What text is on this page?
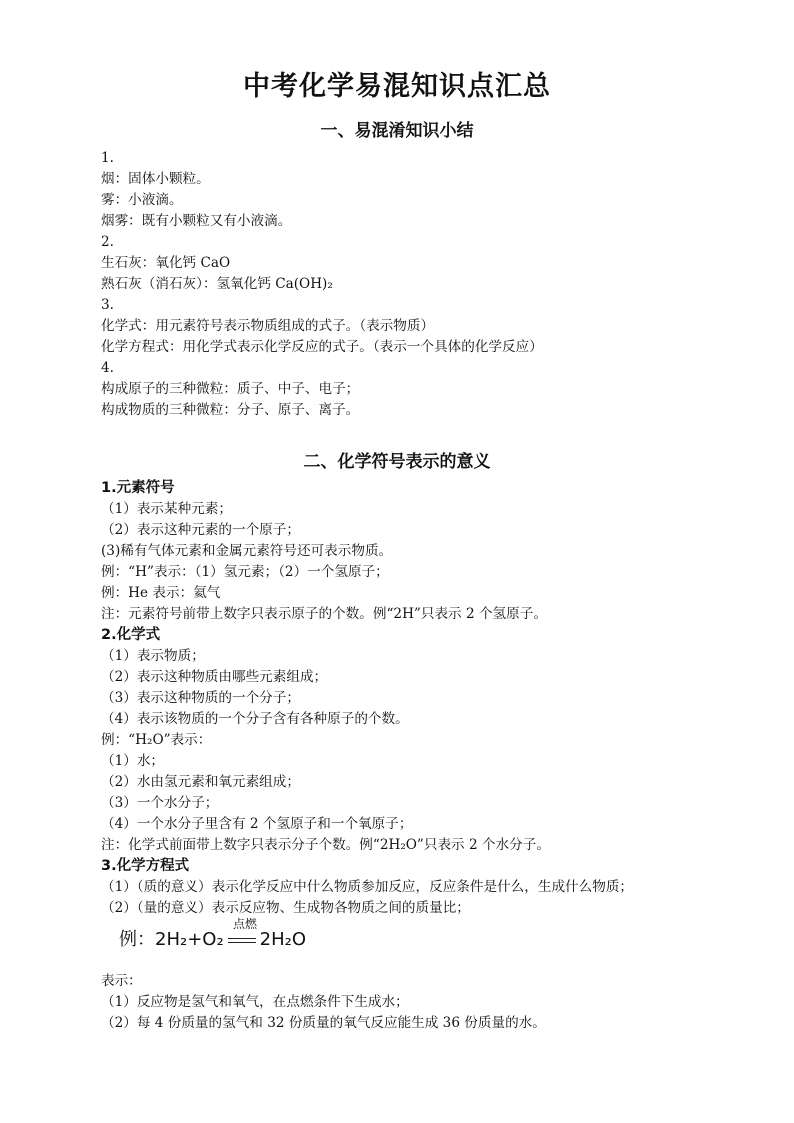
中考化学易混知识点汇总
一、易混淆知识小结
1.
烟：固体小颗粒。
雾：小液滴。
烟雾：既有小颗粒又有小液滴。
2.
生石灰：氧化钙 CaO
熟石灰（消石灰）：氢氧化钙 Ca(OH)₂
3.
化学式：用元素符号表示物质组成的式子。（表示物质）
化学方程式：用化学式表示化学反应的式子。（表示一个具体的化学反应）
4.
构成原子的三种微粒：质子、中子、电子；
构成物质的三种微粒：分子、原子、离子。
二、化学符号表示的意义
1.元素符号
（1）表示某种元素；
（2）表示这种元素的一个原子；
(3)稀有气体元素和金属元素符号还可表示物质。
例：“H”表示：（1）氢元素；（2）一个氢原子；
例：He 表示：氦气
注：元素符号前带上数字只表示原子的个数。例“2H”只表示 2 个氢原子。
2.化学式
（1）表示物质；
（2）表示这种物质由哪些元素组成；
（3）表示这种物质的一个分子；
（4）表示该物质的一个分子含有各种原子的个数。
例：“H₂O”表示：
（1）水；
（2）水由氢元素和氧元素组成；
（3）一个水分子；
（4）一个水分子里含有 2 个氢原子和一个氧原子；
注：化学式前面带上数字只表示分子个数。例“2H₂O”只表示 2 个水分子。
3.化学方程式
（1）（质的意义）表示化学反应中什么物质参加反应，反应条件是什么，生成什么物质；
（2）（量的意义）表示反应物、生成物各物质之间的质量比；
例：2H₂+O₂ 2H₂O
点燃
表示：
（1）反应物是氢气和氧气，在点燃条件下生成水；
（2）每 4 份质量的氢气和 32 份质量的氧气反应能生成 36 份质量的水。
